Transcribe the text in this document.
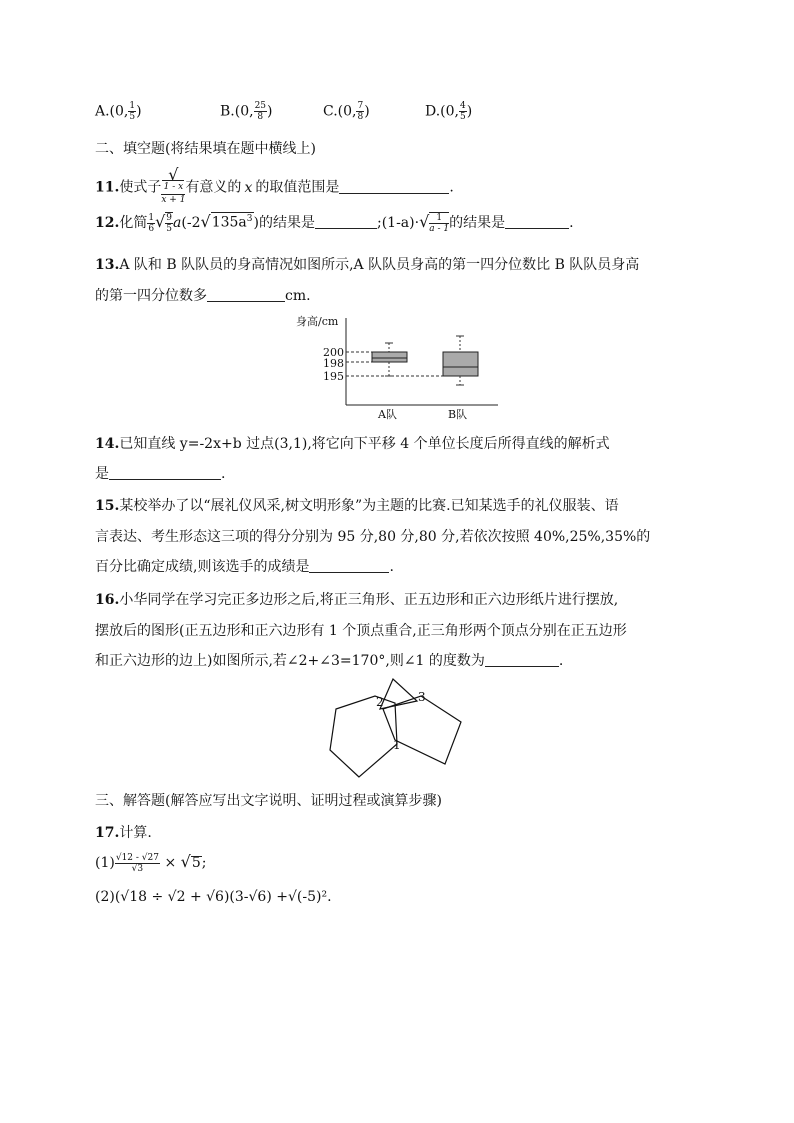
A.(0, $\frac{1}{5}$ )	B.(0, $\frac{25}{8}$ )	C.(0, $\frac{7}{8}$ )	D.(0, $\frac{4}{5}$ )
二、填空题(将结果填在题中横线上)
11.使式子 √
1 - x
x + 1 有意义的 x 的取值范围是	.
12.化简 $\frac{1}{6}$ √ $\frac{9}{5} a(-2√135a^3)$的结果是	;(1-a)·√ $\frac{1}{a - 1}$ 的结果是	.
13.A 队和 B 队队员的身高情况如图所示,A 队队员身高的第一四分位数比 B 队队员身高
的第一四分位数多	cm.
身高/cm
200
198
195
A队	B队
14.已知直线 y=-2x+b 过点(3,1),将它向下平移 4 个单位长度后所得直线的解析式
是	.
15.某校举办了以“展礼仪风采,树文明形象”为主题的比赛.已知某选手的礼仪服装、语
言表达、考生形态这三项的得分分别为 95 分,80 分,80 分,若依次按照 40%,25%,35%的
百分比确定成绩,则该选手的成绩是	.
16.小华同学在学习完正多边形之后,将正三角形、正五边形和正六边形纸片进行摆放,
摆放后的图形(正五边形和正六边形有 1 个顶点重合,正三角形两个顶点分别在正五边形
和正六边形的边上)如图所示,若∠2+∠3=170°,则∠1 的度数为	.
2	3
1
三、解答题(解答应写出文字说明、证明过程或演算步骤)
17.计算.
$(1) \frac{√12 - √27}{√3} \times √5$;
(2)(√18 ÷ √2 + √6)(3-√6) +√(-5)².
